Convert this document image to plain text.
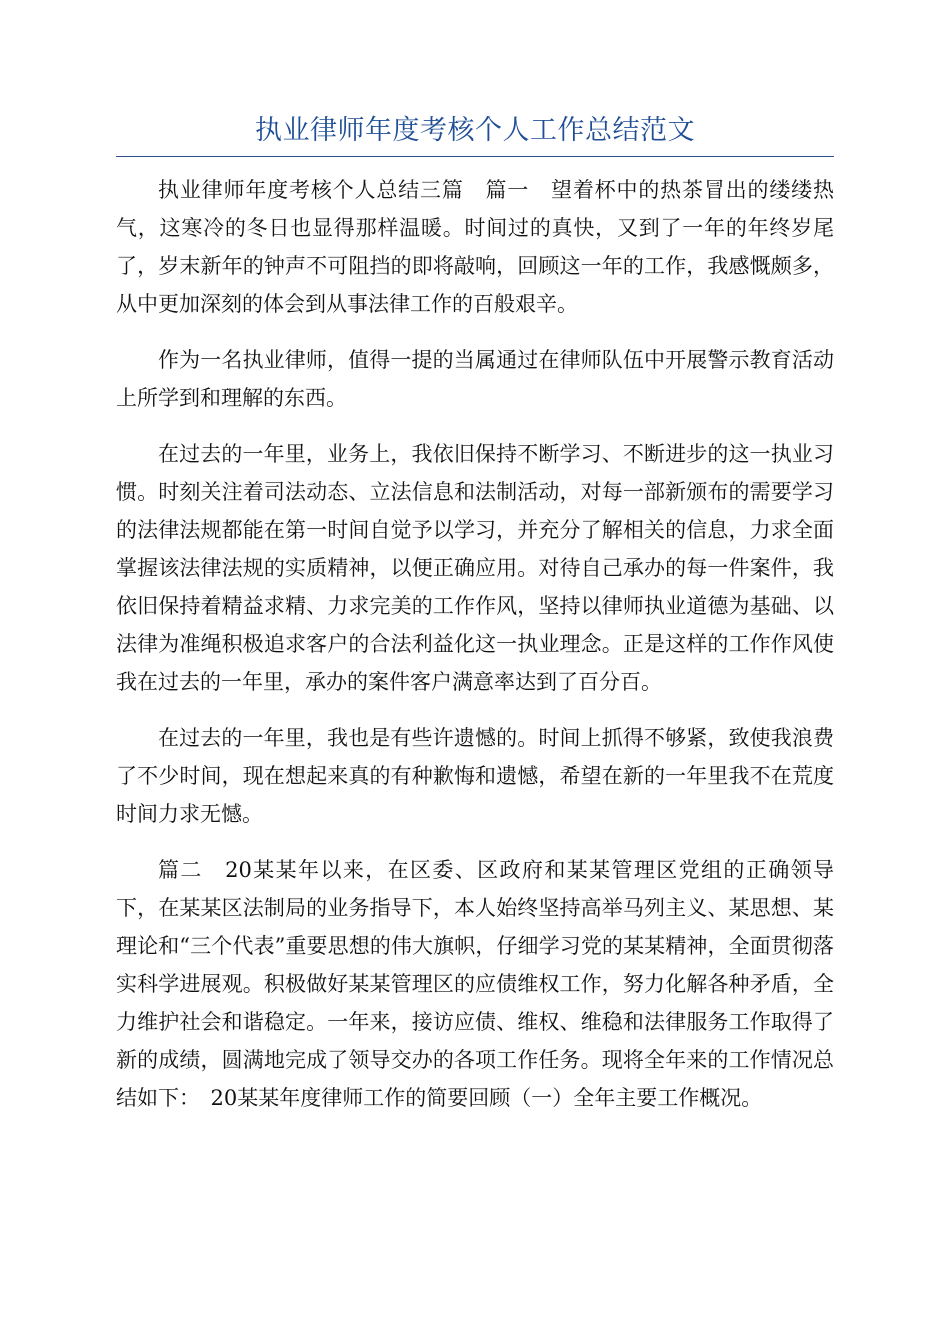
执业律师年度考核个人工作总结范文

执业律师年度考核个人总结三篇　篇一　望着杯中的热茶冒出的缕缕热气，这寒冷的冬日也显得那样温暖。时间过的真快，又到了一年的年终岁尾了，岁末新年的钟声不可阻挡的即将敲响，回顾这一年的工作，我感慨颇多，从中更加深刻的体会到从事法律工作的百般艰辛。

作为一名执业律师，值得一提的当属通过在律师队伍中开展警示教育活动上所学到和理解的东西。

在过去的一年里，业务上，我依旧保持不断学习、不断进步的这一执业习惯。时刻关注着司法动态、立法信息和法制活动，对每一部新颁布的需要学习的法律法规都能在第一时间自觉予以学习，并充分了解相关的信息，力求全面掌握该法律法规的实质精神，以便正确应用。对待自己承办的每一件案件，我依旧保持着精益求精、力求完美的工作作风，坚持以律师执业道德为基础、以法律为准绳积极追求客户的合法利益化这一执业理念。正是这样的工作作风使我在过去的一年里，承办的案件客户满意率达到了百分百。

在过去的一年里，我也是有些许遗憾的。时间上抓得不够紧，致使我浪费了不少时间，现在想起来真的有种歉悔和遗憾，希望在新的一年里我不在荒度时间力求无憾。

篇二　20某某年以来，在区委、区政府和某某管理区党组的正确领导下，在某某区法制局的业务指导下，本人始终坚持高举马列主义、某思想、某理论和“三个代表”重要思想的伟大旗帜，仔细学习党的某某精神，全面贯彻落实科学进展观。积极做好某某管理区的应债维权工作，努力化解各种矛盾，全力维护社会和谐稳定。一年来，接访应债、维权、维稳和法律服务工作取得了新的成绩，圆满地完成了领导交办的各项工作任务。现将全年来的工作情况总结如下：　20某某年度律师工作的简要回顾（一）全年主要工作概况。
